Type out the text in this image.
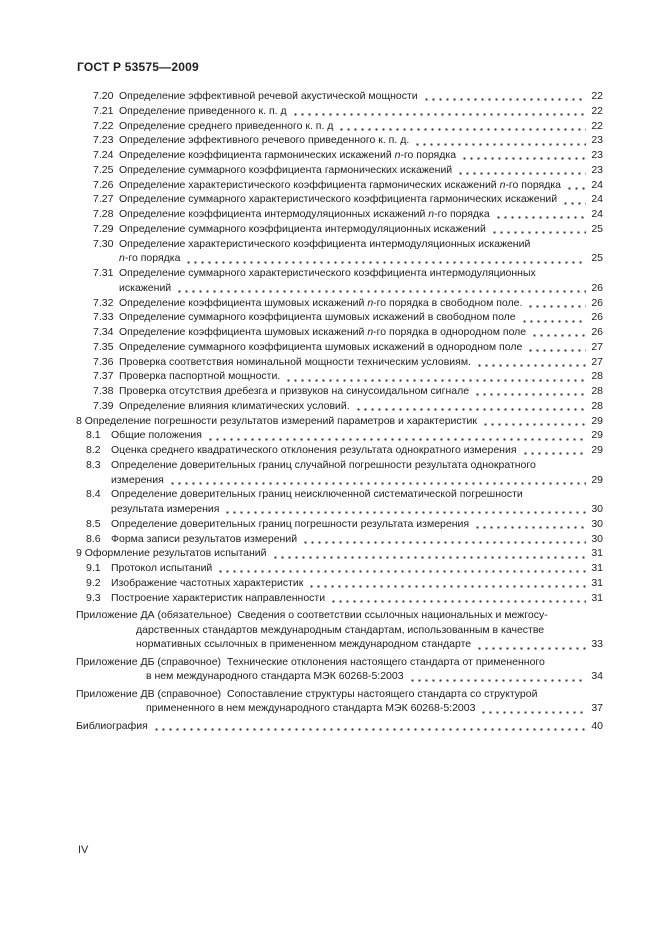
ГОСТ Р 53575—2009
7.20 Определение эффективной речевой акустической мощности	22
7.21 Определение приведенного к. п. д	22
7.22 Определение среднего приведенного к. п. д	22
7.23 Определение эффективного речевого приведенного к. п. д.	23
7.24 Определение коэффициента гармонических искажений n-го порядка	23
7.25 Определение суммарного коэффициента гармонических искажений	23
7.26 Определение характеристического коэффициента гармонических искажений n-го порядка	24
7.27 Определение суммарного характеристического коэффициента гармонических искажений	24
7.28 Определение коэффициента интермодуляционных искажений n-го порядка	24
7.29 Определение суммарного коэффициента интермодуляционных искажений	25
7.30 Определение характеристического коэффициента интермодуляционных искажений
n-го порядка	25
7.31 Определение суммарного характеристического коэффициента интермодуляционных
искажений	26
7.32 Определение коэффициента шумовых искажений n-го порядка в свободном поле.	26
7.33 Определение суммарного коэффициента шумовых искажений в свободном поле	26
7.34 Определение коэффициента шумовых искажений n-го порядка в однородном поле	26
7.35 Определение суммарного коэффициента шумовых искажений в однородном поле	27
7.36 Проверка соответствия номинальной мощности техническим условиям.	27
7.37 Проверка паспортной мощности.	28
7.38 Проверка отсутствия дребезга и призвуков на синусоидальном сигнале	28
7.39 Определение влияния климатических условий.	28
8 Определение погрешности результатов измерений параметров и характеристик	29
8.1 Общие положения	29
8.2 Оценка среднего квадратического отклонения результата однократного измерения	29
8.3 Определение доверительных границ случайной погрешности результата однократного
измерения	29
8.4 Определение доверительных границ неисключенной систематической погрешности
результата измерения	30
8.5 Определение доверительных границ погрешности результата измерения	30
8.6 Форма записи результатов измерений	30
9 Оформление результатов испытаний	31
9.1 Протокол испытаний	31
9.2 Изображение частотных характеристик	31
9.3 Построение характеристик направленности	31
Приложение ДА (обязательное)  Сведения о соответствии ссылочных национальных и межгосу-
дарственных стандартов международным стандартам, использованным в качестве
нормативных ссылочных в примененном международном стандарте	33
Приложение ДБ (справочное)  Технические отклонения настоящего стандарта от примененного
в нем международного стандарта МЭК 60268-5:2003	34
Приложение ДВ (справочное)  Сопоставление структуры настоящего стандарта со структурой
примененного в нем международного стандарта МЭК 60268-5:2003	37
Библиография	40
IV
